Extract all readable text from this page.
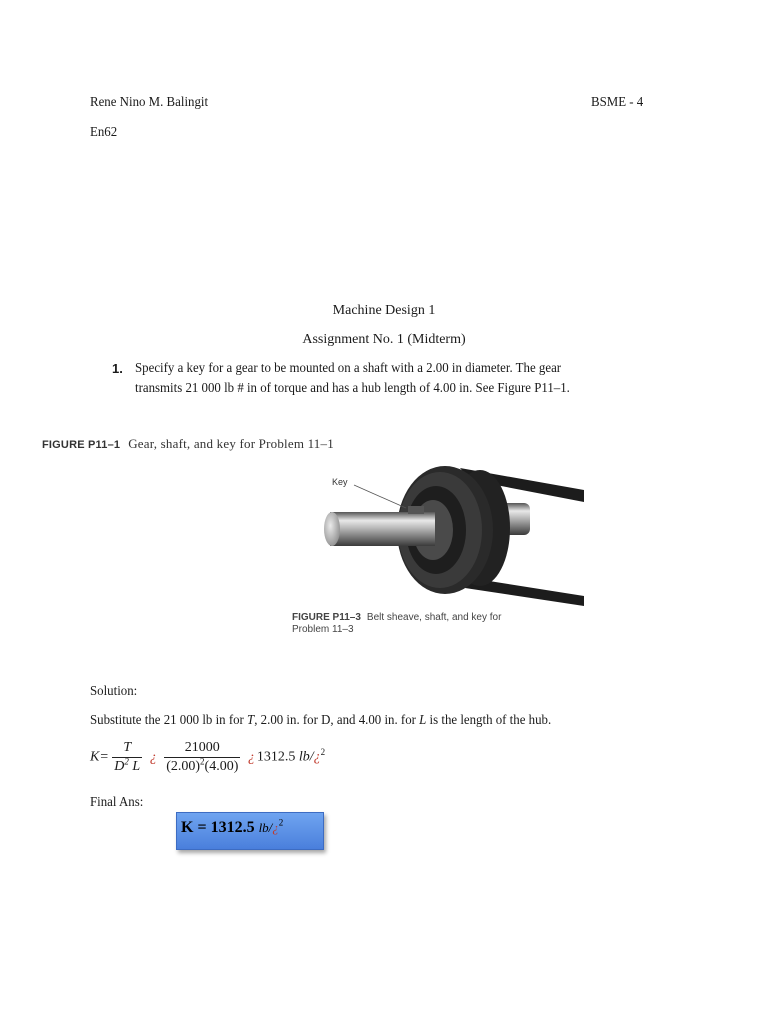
Rene Nino M. Balingit	BSME - 4
En62
Machine Design 1
Assignment No. 1 (Midterm)
1. Specify a key for a gear to be mounted on a shaft with a 2.00 in diameter. The gear
transmits 21 000 lb # in of torque and has a hub length of 4.00 in. See Figure P11–1.
FIGURE P11–1 Gear, shaft, and key for Problem 11–1
Key
FIGURE P11–3 Belt sheave, shaft, and key for
Problem 11–3
Solution:
Substitute the 21 000 lb in for T, 2.00 in. for D, and 4.00 in. for L is the length of the hub.
$K= \frac{T}{D^2 L}$ ¿ $\frac{21000}{(2.00)^2(4.00)}$ ¿ 1312.5 lb/¿$^2$
Final Ans:
K = 1312.5 lb/¿$^2$
